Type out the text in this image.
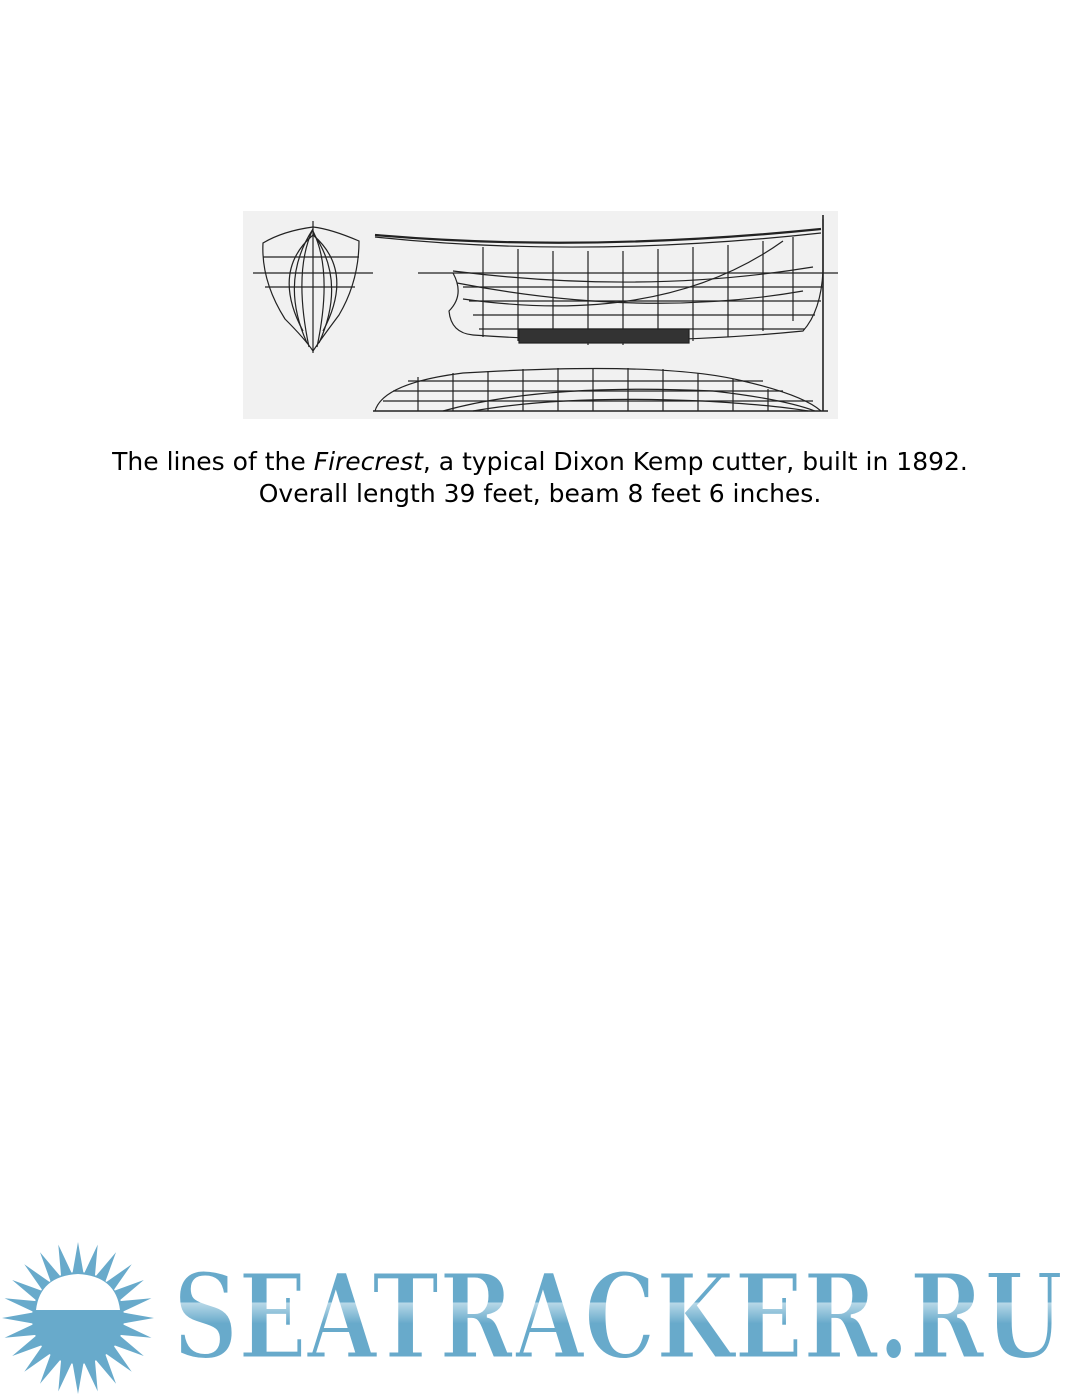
The lines of the Firecrest, a typical Dixon Kemp cutter, built in 1892. Overall length 39 feet, beam 8 feet 6 inches.
SEATRACKER.RU
